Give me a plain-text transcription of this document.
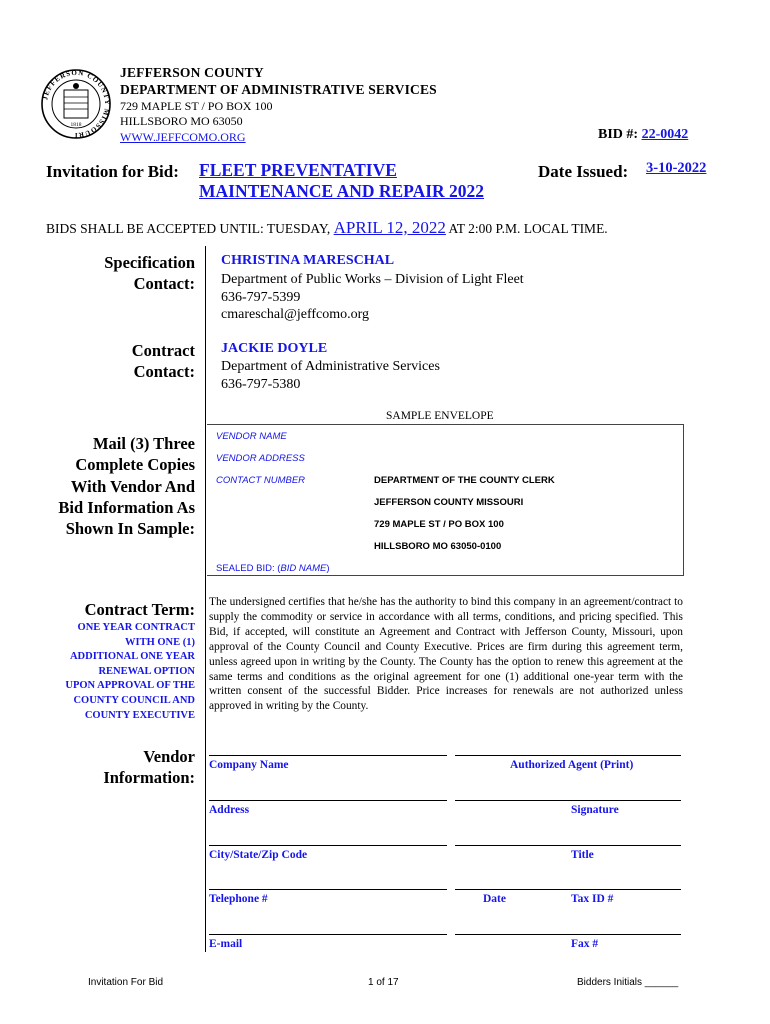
JEFFERSON COUNTY MISSOURI
1818
JEFFERSON COUNTY
DEPARTMENT OF ADMINISTRATIVE SERVICES
729 MAPLE ST / PO BOX 100
HILLSBORO MO 63050
WWW.JEFFCOMO.ORG	BID #: 22-0042
Invitation for Bid: FLEET PREVENTATIVE
MAINTENANCE AND REPAIR 2022
Date Issued: 3-10-2022
BIDS SHALL BE ACCEPTED UNTIL: TUESDAY, APRIL 12, 2022 AT 2:00 P.M. LOCAL TIME.
Specification
Contact:
CHRISTINA MARESCHAL
Department of Public Works – Division of Light Fleet
636-797-5399
cmareschal@jeffcomo.org
Contract
Contact:
JACKIE DOYLE
Department of Administrative Services
636-797-5380
SAMPLE ENVELOPE
Mail (3) Three
Complete Copies
With Vendor And
Bid Information As
Shown In Sample:
VENDOR NAME
VENDOR ADDRESS
CONTACT NUMBER	DEPARTMENT OF THE COUNTY CLERK
JEFFERSON COUNTY MISSOURI
729 MAPLE ST / PO BOX 100
HILLSBORO MO 63050-0100
SEALED BID: (BID NAME)
Contract Term:
ONE YEAR CONTRACT
WITH ONE (1)
ADDITIONAL ONE YEAR
RENEWAL OPTION
UPON APPROVAL OF THE
COUNTY COUNCIL AND
COUNTY EXECUTIVE
The undersigned certifies that he/she has the authority to bind this company in an agreement/contract to supply the commodity or service in accordance with all terms, conditions, and pricing specified. This Bid, if accepted, will constitute an Agreement and Contract with Jefferson County, Missouri, upon approval of the County Council and County Executive. Prices are firm during this agreement term, unless agreed upon in writing by the County. The County has the option to renew this agreement at the same terms and conditions as the original agreement for one (1) additional one-year term with the written consent of the successful Bidder. Price increases for renewals are not authorized unless approved in writing by the County.
Vendor
Information:
Company Name	Authorized Agent (Print)
Address	Signature
City/State/Zip Code	Title
Telephone #	Date	Tax ID #
E-mail	Fax #
Invitation For Bid	1 of 17	Bidders Initials ______
